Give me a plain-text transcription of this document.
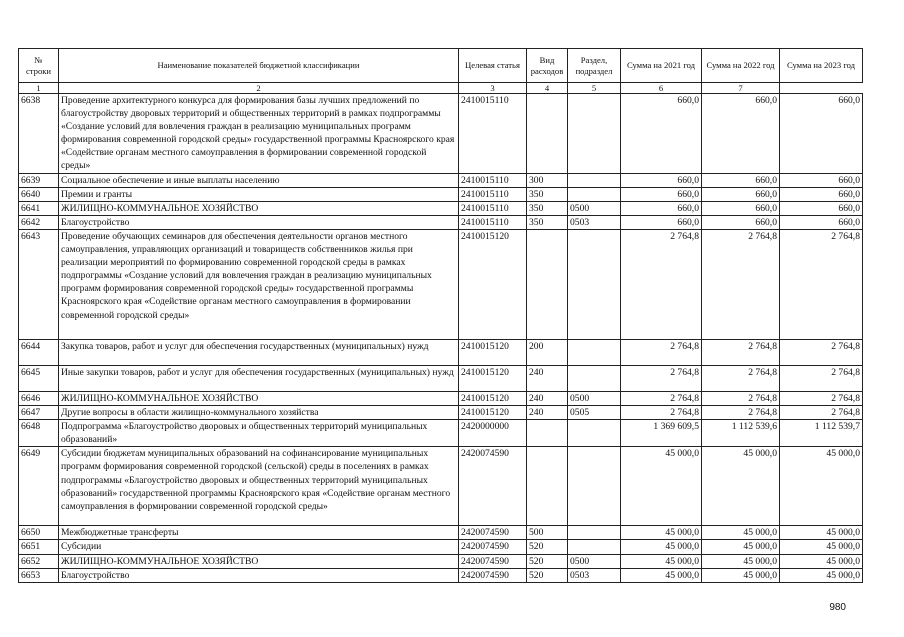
№ строки	Наименование показателей бюджетной классификации	Целевая статья	Вид расходов	Раздел, подраздел	Сумма на 2021 год	Сумма на 2022 год	Сумма на 2023 год
1	2	3	4	5	6	7	
6638	Проведение архитектурного конкурса для формирования базы лучших предложений по благоустройству дворовых территорий и общественных территорий в рамках подпрограммы «Создание условий для вовлечения граждан в реализацию муниципальных программ формирования современной городской среды» государственной программы Красноярского края «Содействие органам местного самоуправления в формировании современной городской среды»	2410015110			660,0	660,0	660,0
6639	Социальное обеспечение и иные выплаты населению	2410015110	300		660,0	660,0	660,0
6640	Премии и гранты	2410015110	350		660,0	660,0	660,0
6641	ЖИЛИЩНО-КОММУНАЛЬНОЕ ХОЗЯЙСТВО	2410015110	350	0500	660,0	660,0	660,0
6642	Благоустройство	2410015110	350	0503	660,0	660,0	660,0
6643	Проведение обучающих семинаров для обеспечения деятельности органов местного самоуправления, управляющих организаций и товариществ собственников жилья при реализации мероприятий по формированию современной городской среды в рамках подпрограммы «Создание условий для вовлечения граждан в реализацию муниципальных программ формирования современной городской среды» государственной программы Красноярского края «Содействие органам местного самоуправления в формировании современной городской среды»	2410015120			2 764,8	2 764,8	2 764,8
6644	Закупка товаров, работ и услуг для обеспечения государственных (муниципальных) нужд	2410015120	200		2 764,8	2 764,8	2 764,8
6645	Иные закупки товаров, работ и услуг для обеспечения государственных (муниципальных) нужд	2410015120	240		2 764,8	2 764,8	2 764,8
6646	ЖИЛИЩНО-КОММУНАЛЬНОЕ ХОЗЯЙСТВО	2410015120	240	0500	2 764,8	2 764,8	2 764,8
6647	Другие вопросы в области жилищно-коммунального хозяйства	2410015120	240	0505	2 764,8	2 764,8	2 764,8
6648	Подпрограмма «Благоустройство дворовых и общественных территорий муниципальных образований»	2420000000			1 369 609,5	1 112 539,6	1 112 539,7
6649	Субсидии бюджетам муниципальных образований на софинансирование муниципальных программ формирования современной городской (сельской) среды в поселениях в рамках подпрограммы «Благоустройство дворовых и общественных территорий муниципальных образований» государственной программы Красноярского края «Содействие органам местного самоуправления в формировании современной городской среды»	2420074590			45 000,0	45 000,0	45 000,0
6650	Межбюджетные трансферты	2420074590	500		45 000,0	45 000,0	45 000,0
6651	Субсидии	2420074590	520		45 000,0	45 000,0	45 000,0
6652	ЖИЛИЩНО-КОММУНАЛЬНОЕ ХОЗЯЙСТВО	2420074590	520	0500	45 000,0	45 000,0	45 000,0
6653	Благоустройство	2420074590	520	0503	45 000,0	45 000,0	45 000,0
980
